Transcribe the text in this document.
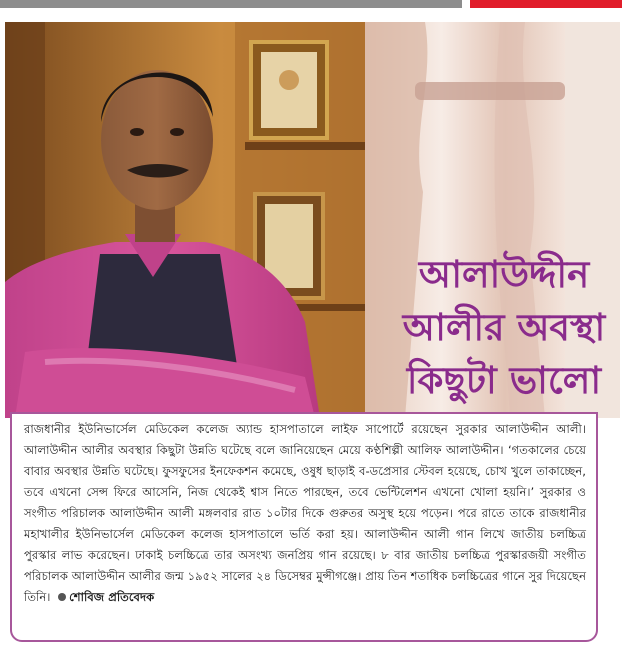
আলাউদ্দীন
আলীর অবস্থা
কিছুটা ভালো

রাজধানীর ইউনিভার্সেল মেডিকেল কলেজ অ্যান্ড হাসপাতালে লাইফ সাপোর্টে রয়েছেন সুরকার আলাউদ্দীন আলী। আলাউদ্দীন আলীর অবস্থার কিছুটা উন্নতি ঘটেছে বলে জানিয়েছেন মেয়ে কণ্ঠশিল্পী আলিফ আলাউদ্দীন। ‘গতকালের চেয়ে বাবার অবস্থার উন্নতি ঘটেছে। ফুসফুসের ইনফেকশন কমেছে, ওষুধ ছাড়াই ব-ডপ্রেসার স্টেবল হয়েছে, চোখ খুলে তাকাচ্ছেন, তবে এখনো সেন্স ফিরে আসেনি, নিজ থেকেই শ্বাস নিতে পারছেন, তবে ভেন্টিলেশন এখনো খোলা হয়নি।’ সুরকার ও সংগীত পরিচালক আলাউদ্দীন আলী মঙ্গলবার রাত ১০টার দিকে গুরুতর অসুস্থ হয়ে পড়েন। পরে রাতে তাকে রাজধানীর মহাখালীর ইউনিভার্সেল মেডিকেল কলেজ হাসপাতালে ভর্তি করা হয়। আলাউদ্দীন আলী গান লিখে জাতীয় চলচ্চিত্র পুরস্কার লাভ করেছেন। ঢাকাই চলচ্চিত্রে তার অসংখ্য জনপ্রিয় গান রয়েছে। ৮ বার জাতীয় চলচ্চিত্র পুরস্কারজয়ী সংগীত পরিচালক আলাউদ্দীন আলীর জন্ম ১৯৫২ সালের ২৪ ডিসেম্বর মুন্সীগঞ্জে। প্রায় তিন শতাধিক চলচ্চিত্রের গানে সুর দিয়েছেন তিনি। শোবিজ প্রতিবেদক
